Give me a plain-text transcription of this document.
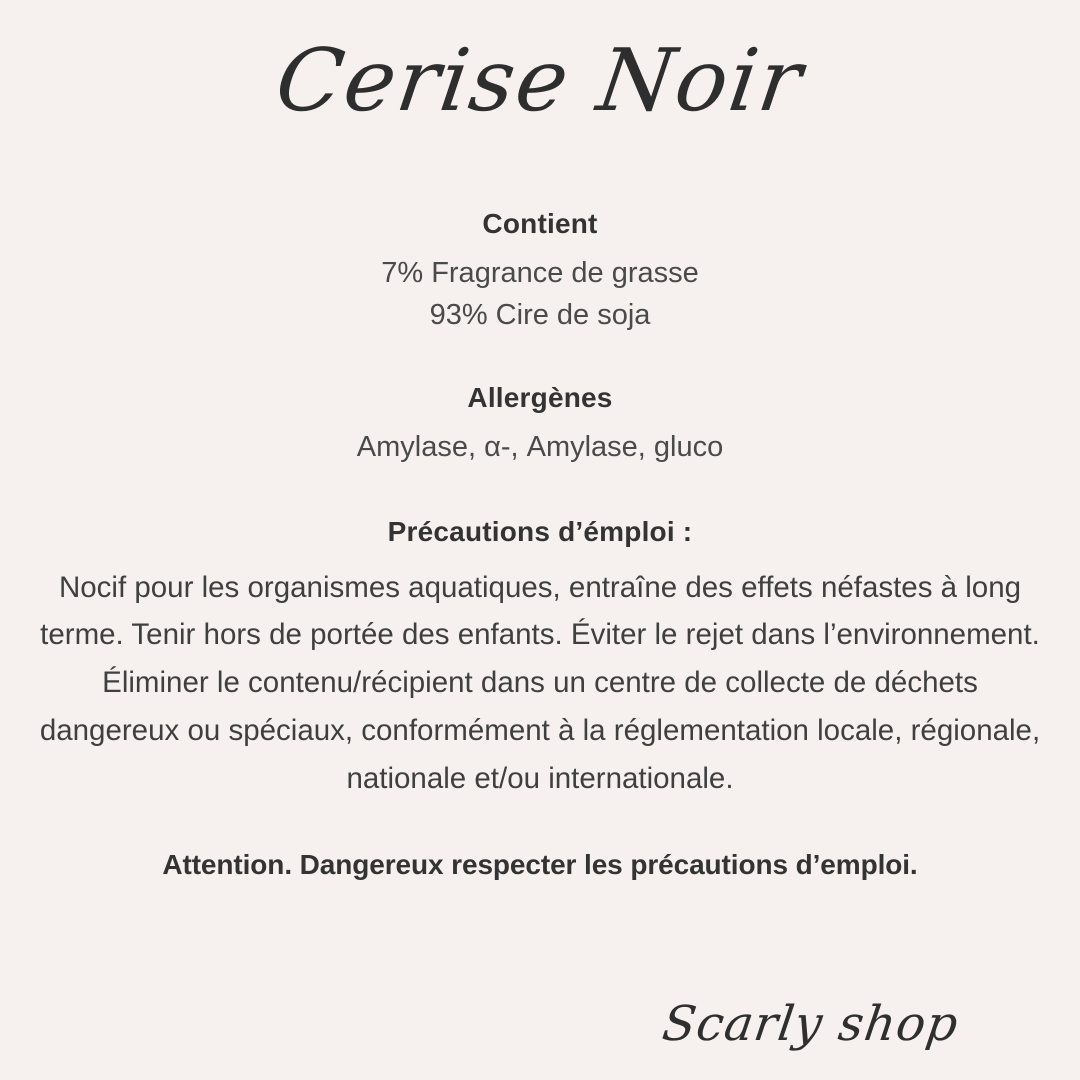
Cerise Noir
Contient
7% Fragrance de grasse
93% Cire de soja
Allergènes
Amylase, α-, Amylase, gluco
Précautions d’émploi :
Nocif pour les organismes aquatiques, entraîne des effets néfastes à long terme. Tenir hors de portée des enfants. Éviter le rejet dans l’environnement. Éliminer le contenu/récipient dans un centre de collecte de déchets dangereux ou spéciaux, conformément à la réglementation locale, régionale, nationale et/ou internationale.
Attention. Dangereux respecter les précautions d’emploi.
Scarly shop
